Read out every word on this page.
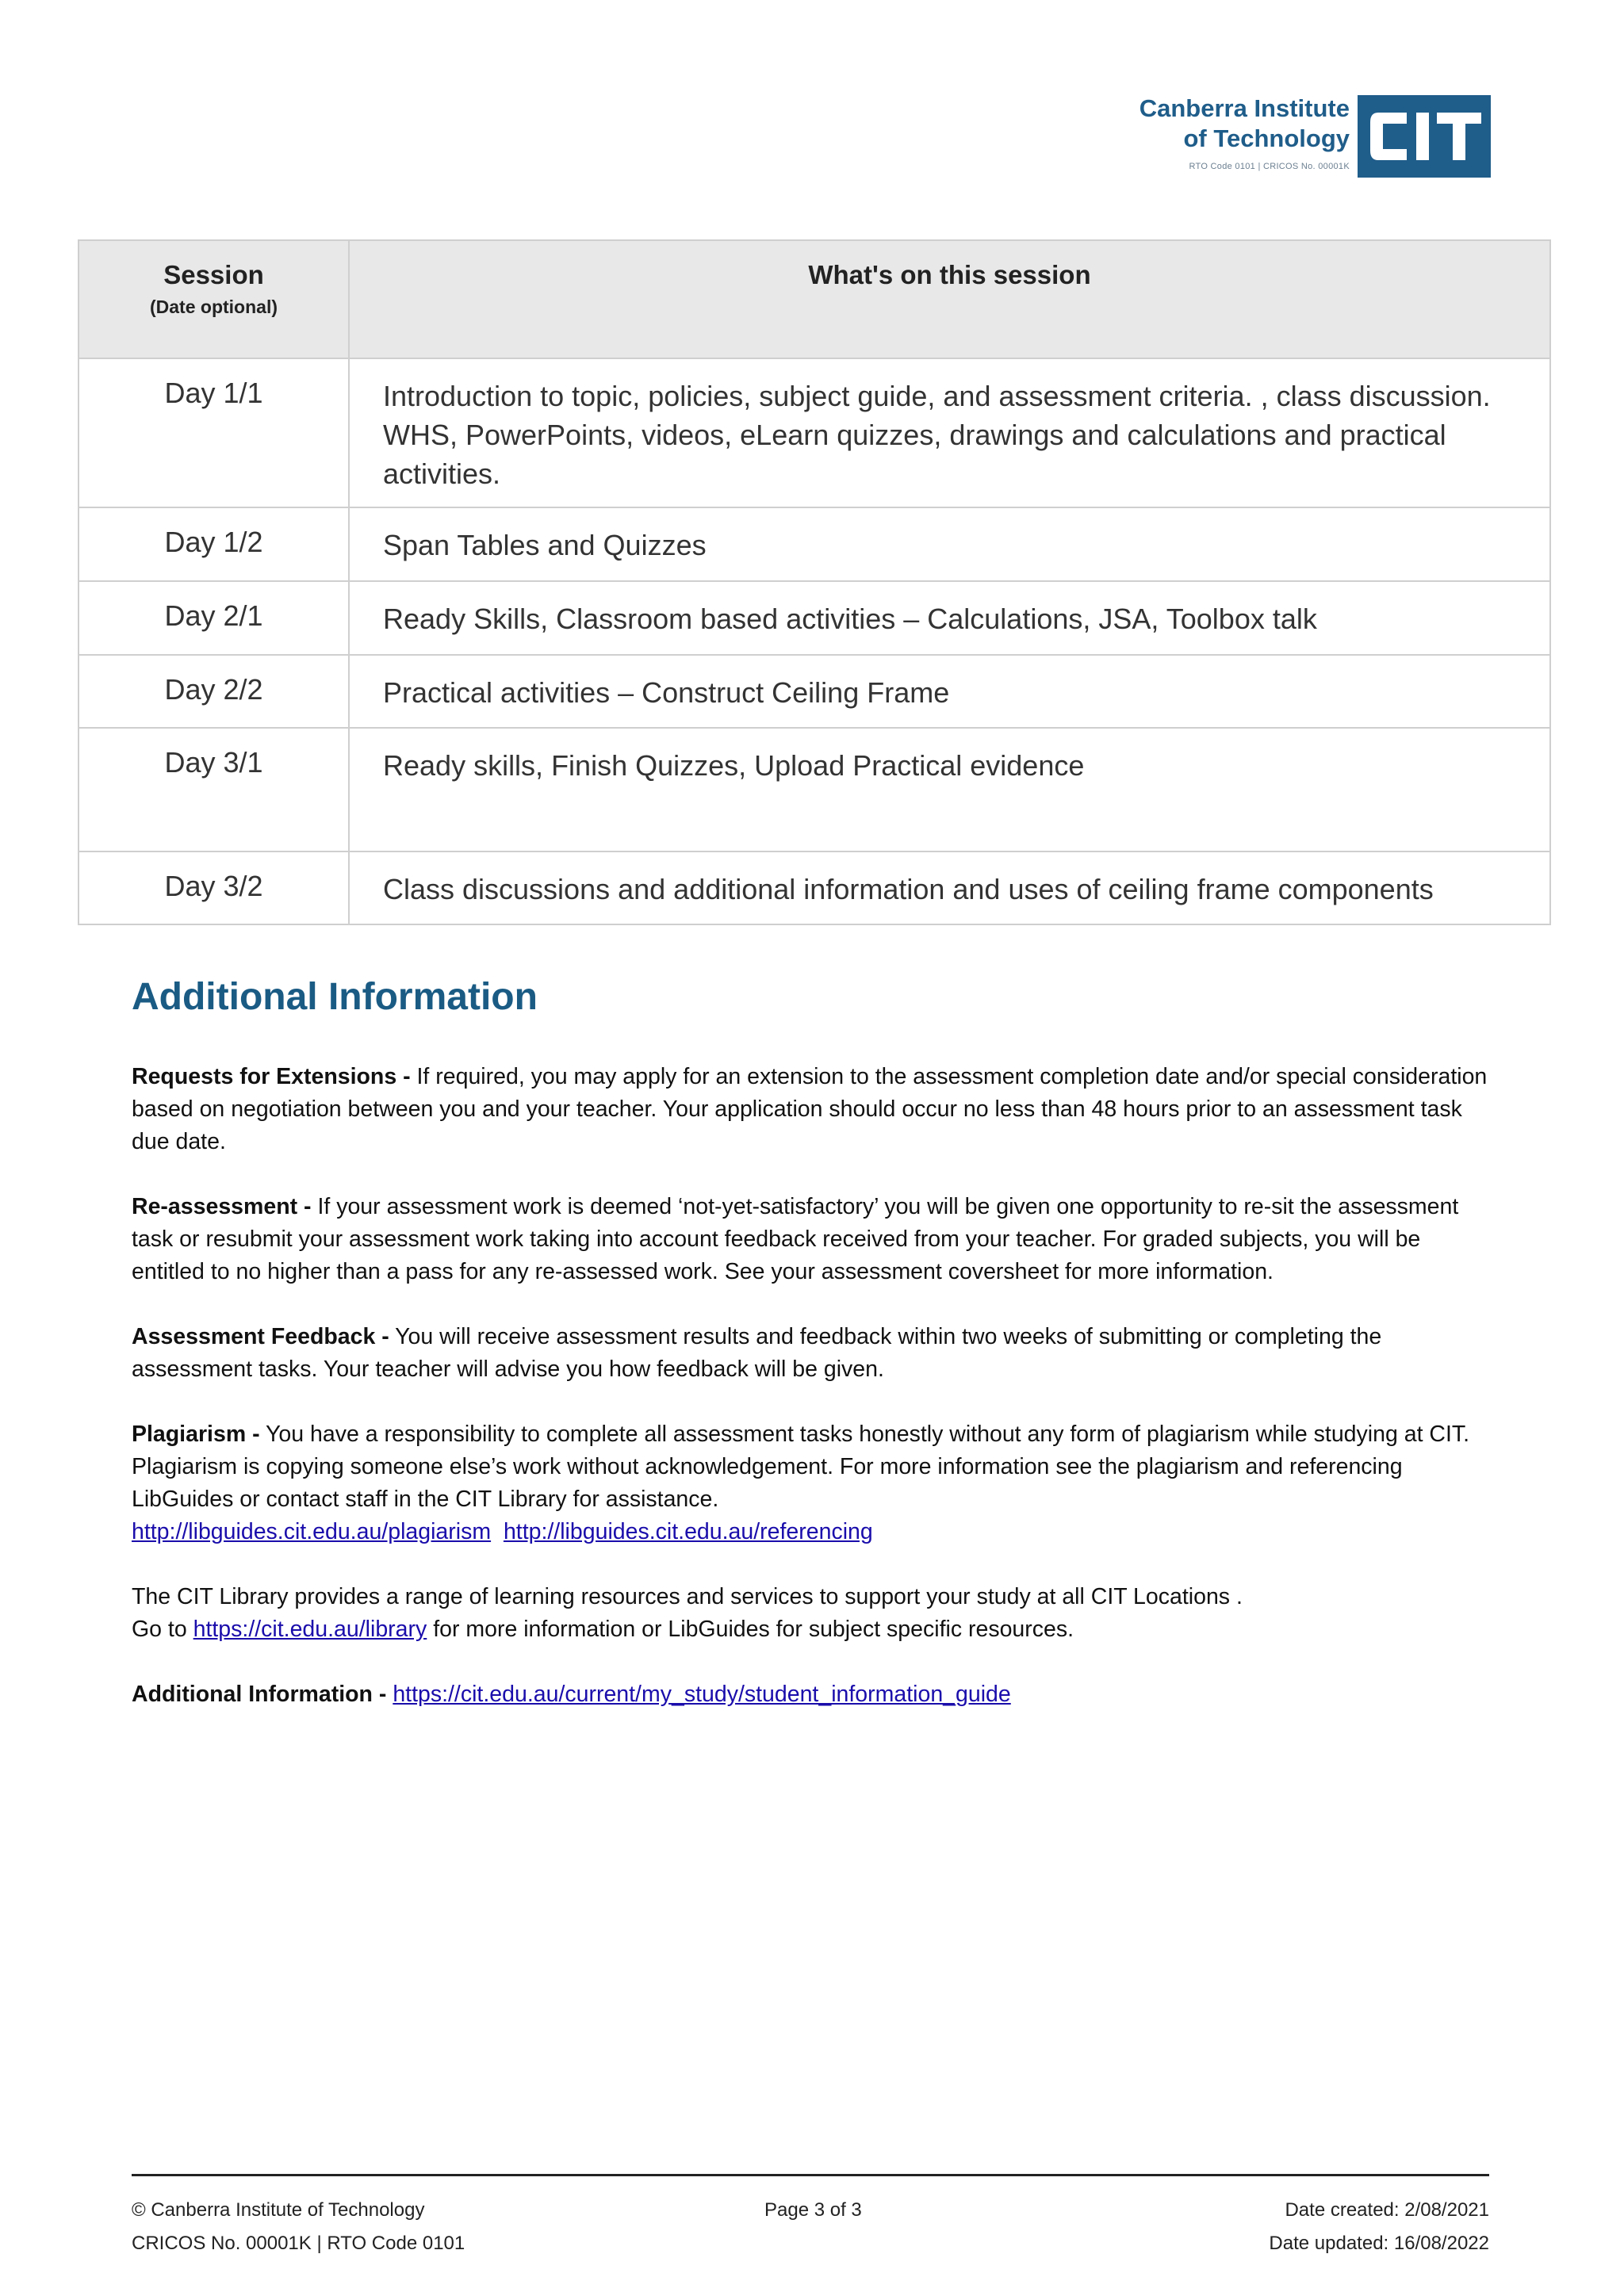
Canberra Institute
of Technology
RTO Code 0101 | CRICOS No. 00001K
Session
(Date optional)	What's on this session

Day 1/1	Introduction to topic, policies, subject guide, and assessment criteria. , class discussion. WHS, PowerPoints, videos, eLearn quizzes, drawings and calculations and practical activities.
Day 1/2	Span Tables and Quizzes
Day 2/1	Ready Skills, Classroom based activities – Calculations, JSA, Toolbox talk
Day 2/2	Practical activities – Construct Ceiling Frame
Day 3/1	Ready skills, Finish Quizzes, Upload Practical evidence
Day 3/2	Class discussions and additional information and uses of ceiling frame components
Additional Information

Requests for Extensions - If required, you may apply for an extension to the assessment completion date and/or special consideration based on negotiation between you and your teacher. Your application should occur no less than 48 hours prior to an assessment task due date.

Re-assessment - If your assessment work is deemed ‘not-yet-satisfactory’ you will be given one opportunity to re-sit the assessment task or resubmit your assessment work taking into account feedback received from your teacher. For graded subjects, you will be entitled to no higher than a pass for any re-assessed work. See your assessment coversheet for more information.

Assessment Feedback - You will receive assessment results and feedback within two weeks of submitting or completing the assessment tasks. Your teacher will advise you how feedback will be given.

Plagiarism - You have a responsibility to complete all assessment tasks honestly without any form of plagiarism while studying at CIT. Plagiarism is copying someone else’s work without acknowledgement. For more information see the plagiarism and referencing LibGuides or contact staff in the CIT Library for assistance.
http://libguides.cit.edu.au/plagiarism http://libguides.cit.edu.au/referencing

The CIT Library provides a range of learning resources and services to support your study at all CIT Locations .
Go to https://cit.edu.au/library for more information or LibGuides for subject specific resources.

Additional Information - https://cit.edu.au/current/my_study/student_information_guide

© Canberra Institute of Technology	Page 3 of 3	Date created: 2/08/2021
CRICOS No. 00001K | RTO Code 0101	Date updated: 16/08/2022
